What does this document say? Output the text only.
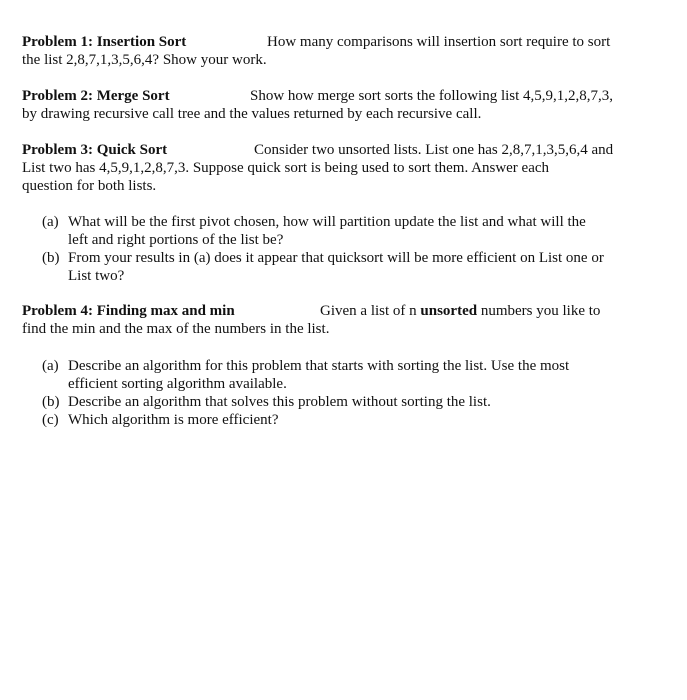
Problem 1: Insertion Sort	How many comparisons will insertion sort require to sort
the list 2,8,7,1,3,5,6,4? Show your work.
Problem 2: Merge Sort	Show how merge sort sorts the following list 4,5,9,1,2,8,7,3,
by drawing recursive call tree and the values returned by each recursive call.
Problem 3: Quick Sort	Consider two unsorted lists. List one has 2,8,7,1,3,5,6,4 and
List two has 4,5,9,1,2,8,7,3. Suppose quick sort is being used to sort them. Answer each
question for both lists.
(a) What will be the first pivot chosen, how will partition update the list and what will the
left and right portions of the list be?
(b) From your results in (a) does it appear that quicksort will be more efficient on List one or
List two?
Problem 4: Finding max and min	Given a list of n unsorted numbers you like to
find the min and the max of the numbers in the list.
(a) Describe an algorithm for this problem that starts with sorting the list. Use the most
efficient sorting algorithm available.
(b) Describe an algorithm that solves this problem without sorting the list.
(c) Which algorithm is more efficient?
